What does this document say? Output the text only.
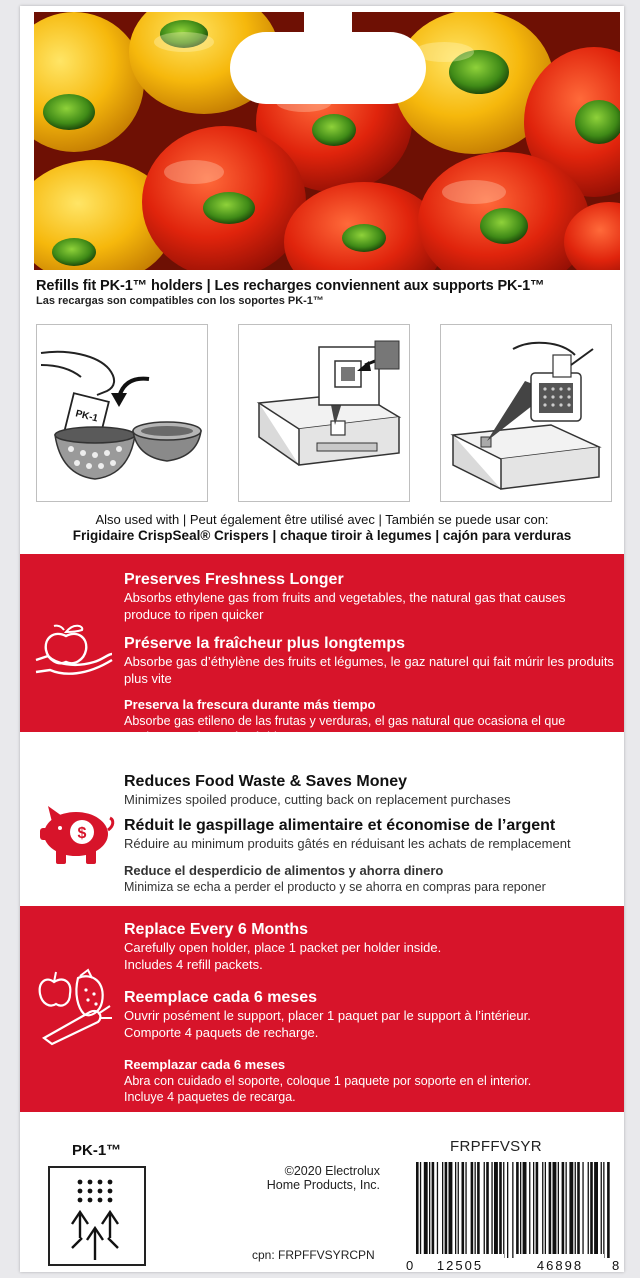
Refills fit PK-1™ holders | Les recharges conviennent aux supports PK-1™
Las recargas son compatibles con los soportes PK-1™
PK-1
Also used with | Peut également être utilisé avec | También se puede usar con:
Frigidaire CrispSeal® Crispers | chaque tiroir à legumes | cajón para verduras
Preserves Freshness Longer
Absorbs ethylene gas from fruits and vegetables, the natural gas that causes produce to ripen quicker
Préserve la fraîcheur plus longtemps
Absorbe gas d’éthylène des fruits et légumes, le gaz naturel qui fait múrir les produits plus vite
Preserva la frescura durante más tiempo
Absorbe gas etileno de las frutas y verduras, el gas natural que ocasiona el que producto madure más rápido
$
Reduces Food Waste & Saves Money
Minimizes spoiled produce, cutting back on replacement purchases
Réduit le gaspillage alimentaire et économise de l’argent
Réduire au minimum produits gâtés en réduisant les achats de remplacement
Reduce el desperdicio de alimentos y ahorra dinero
Minimiza se echa a perder el producto y se ahorra en compras para reponer
Replace Every 6 Months
Carefully open holder, place 1 packet per holder inside.
Includes 4 refill packets.
Reemplace cada 6 meses
Ouvrir posément le support, placer 1 paquet par le support à l’intérieur.
Comporte 4 paquets de recharge.
Reemplazar cada 6 meses
Abra con cuidado el soporte, coloque 1 paquete por soporte en el interior.
Incluye 4 paquetes de recarga.
PK-1™
©2020 Electrolux
Home Products, Inc.
cpn: FRPFFVSYRCPN
FRPFFVSYR
0 12505	46898 8
